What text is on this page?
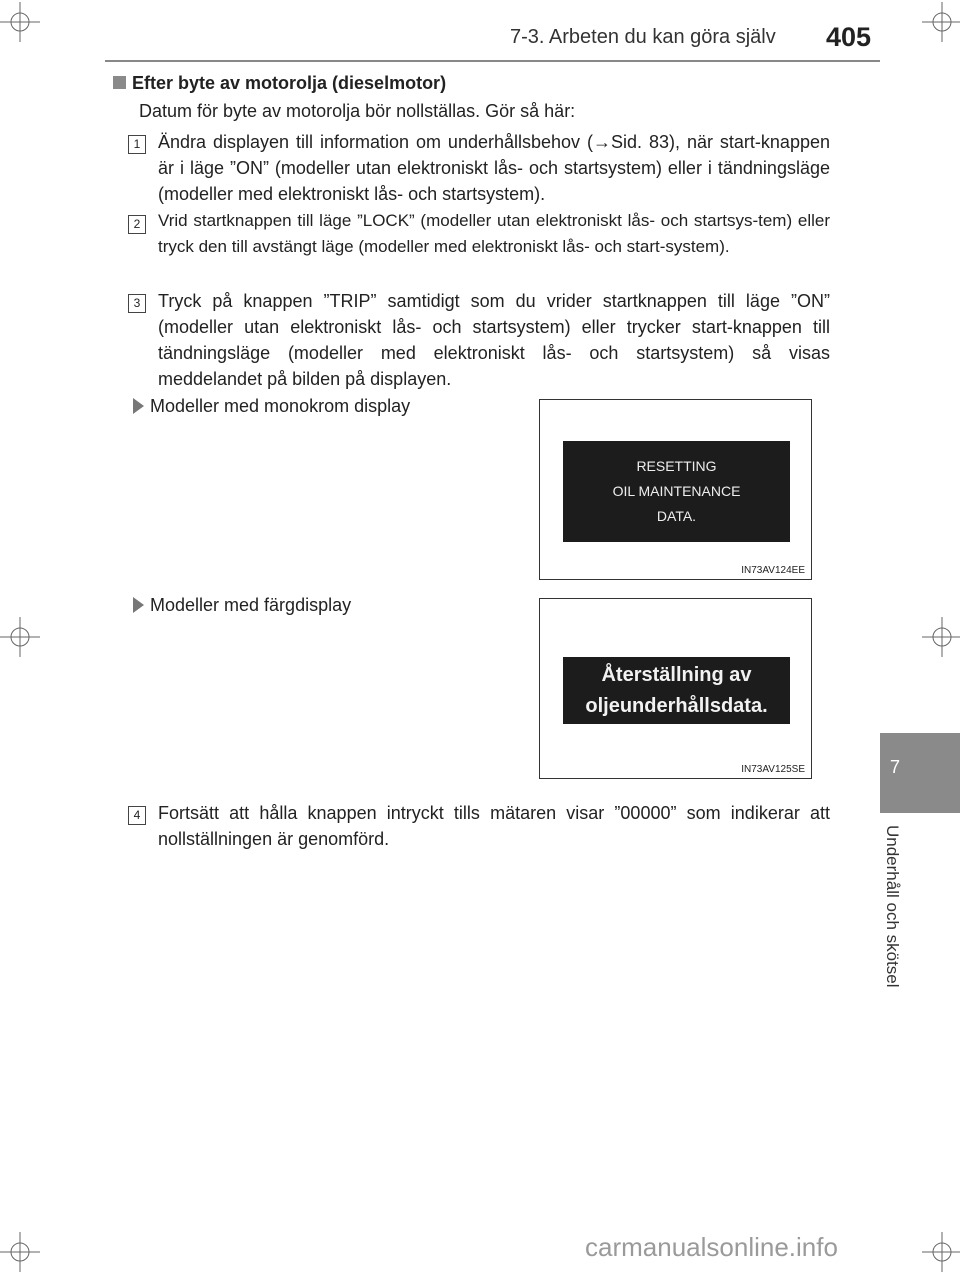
7-3. Arbeten du kan göra själv 405
7
Underhåll och skötsel
Efter byte av motorolja (dieselmotor)
Datum för byte av motorolja bör nollställas. Gör så här:
1 Ändra displayen till information om underhållsbehov (→Sid. 83), när start-knappen är i läge ”ON” (modeller utan elektroniskt lås- och startsystem) eller i tändningsläge (modeller med elektroniskt lås- och startsystem).
2	Vrid startknappen till läge ”LOCK” (modeller utan elektroniskt lås- och startsys-tem) eller tryck den till avstängt läge (modeller med elektroniskt lås- och start-system).
3 Tryck på knappen ”TRIP” samtidigt som du vrider startknappen till läge ”ON” (modeller utan elektroniskt lås- och startsystem) eller trycker start-knappen till tändningsläge (modeller med elektroniskt lås- och startsystem) så visas meddelandet på bilden på displayen.
Modeller med monokrom display
RESETTING
OIL MAINTENANCE
DATA.
IN73AV124EE
Modeller med färgdisplay
Återställning av
oljeunderhållsdata.
IN73AV125SE
4 Fortsätt att hålla knappen intryckt tills mätaren visar ”00000” som indikerar att nollställningen är genomförd.
carmanualsonline.info
